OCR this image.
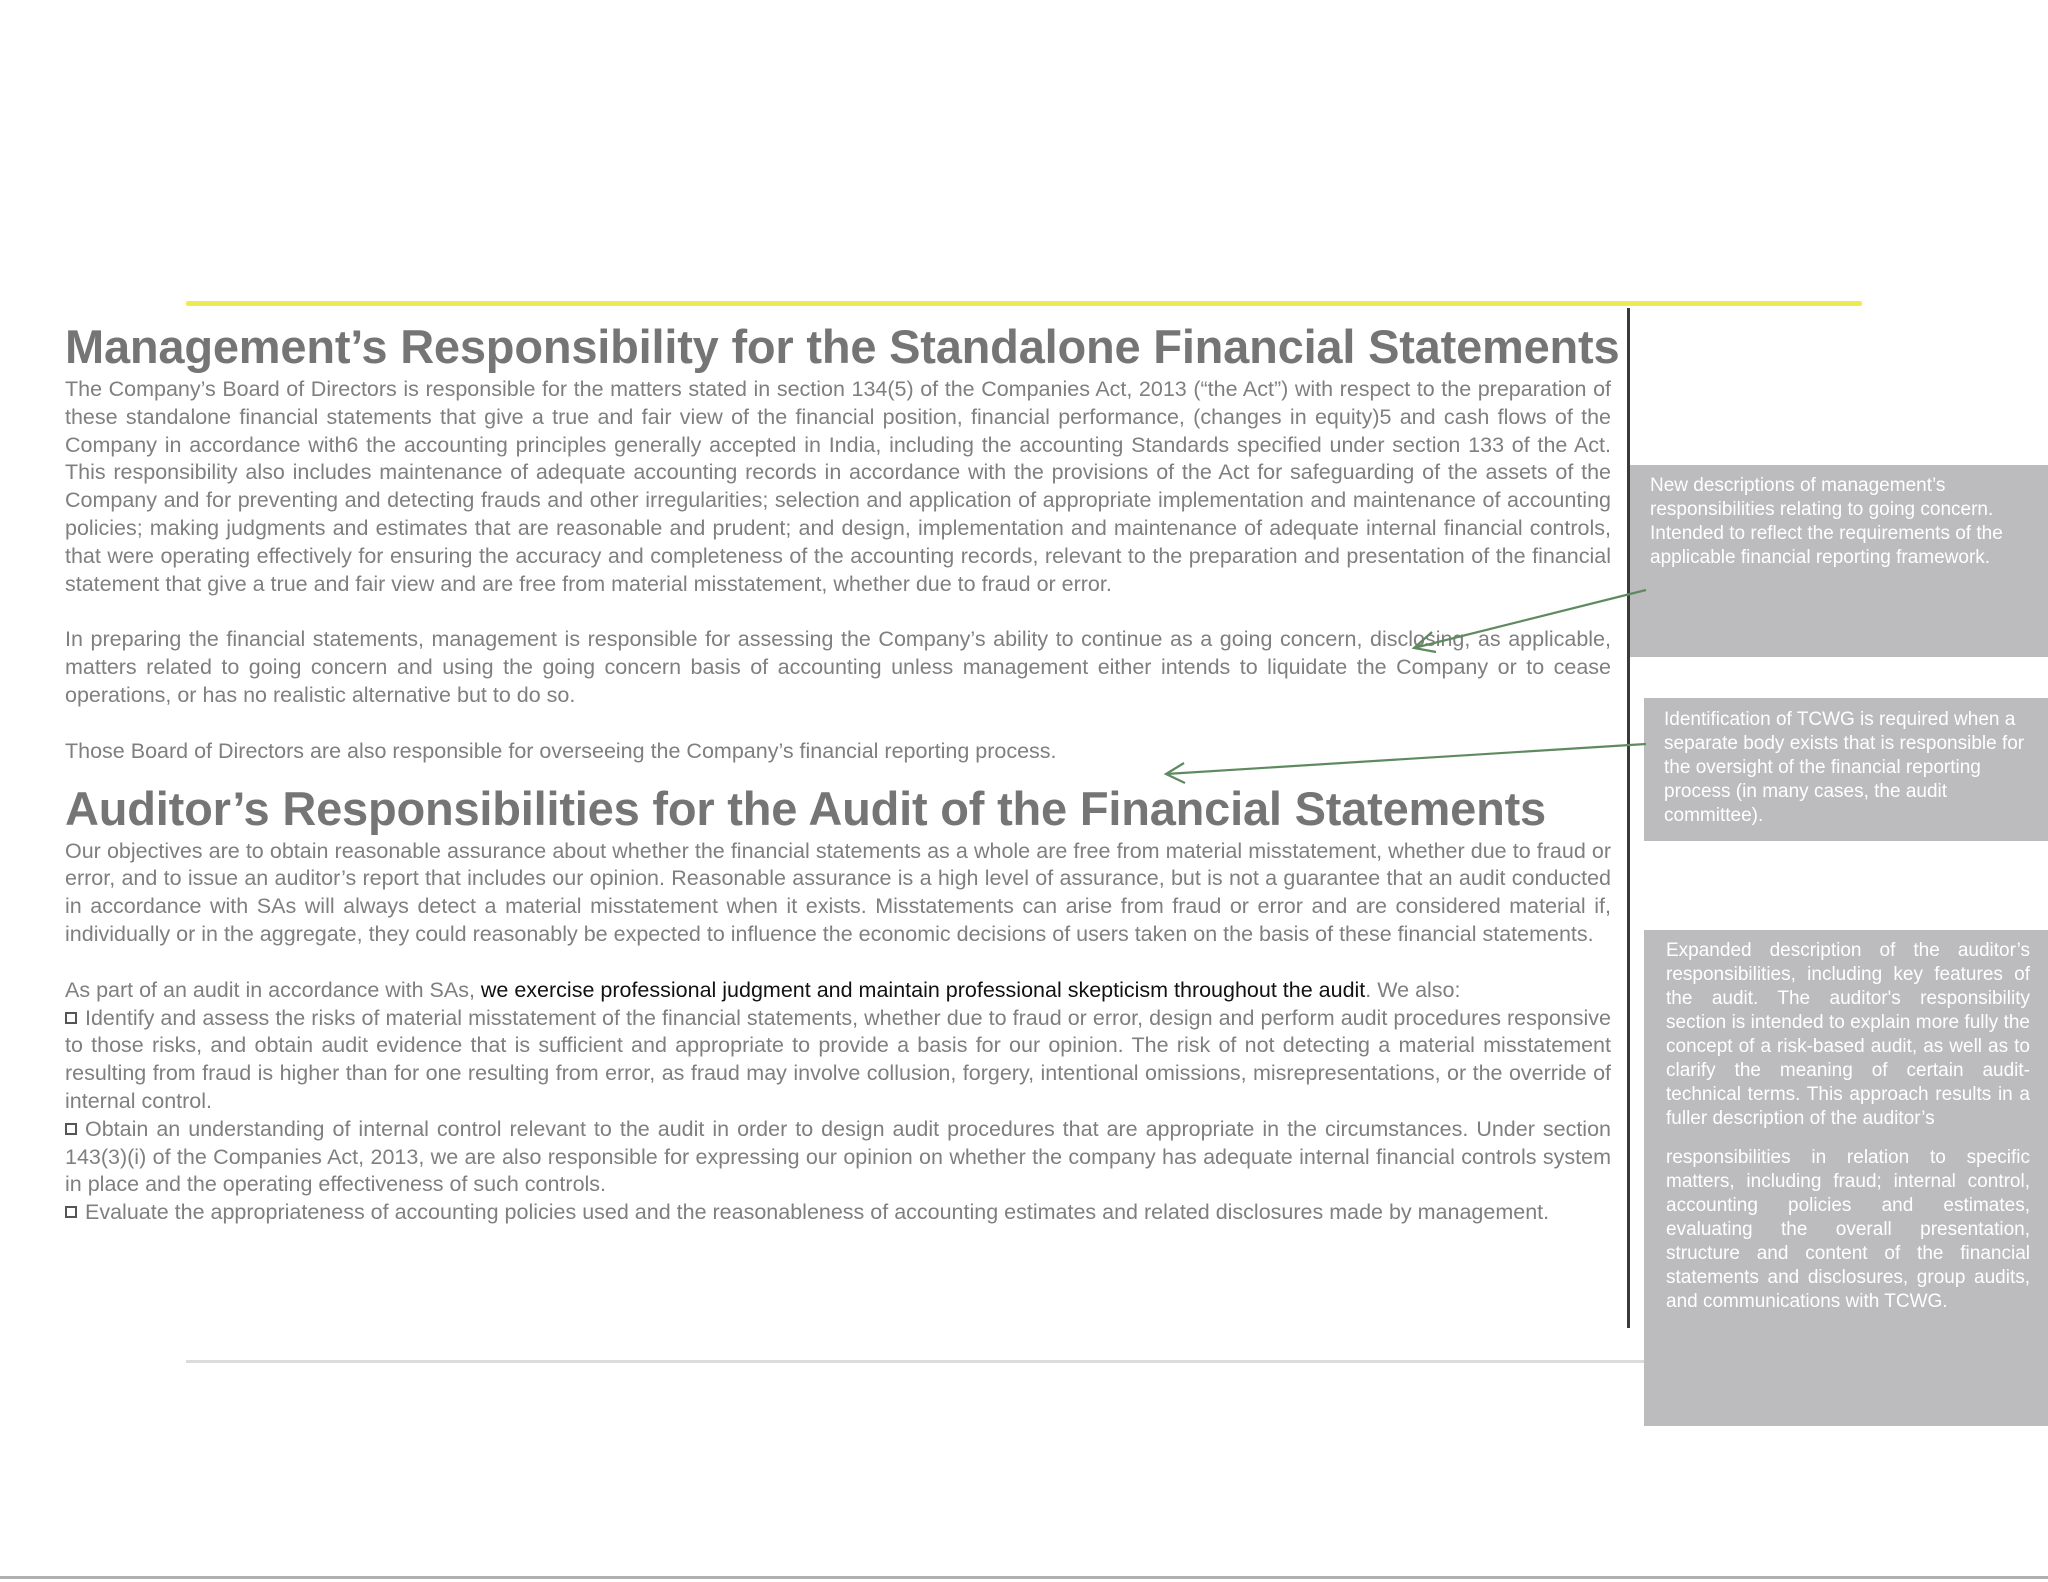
Management’s Responsibility for the Standalone Financial Statements

The Company’s Board of Directors is responsible for the matters stated in section 134(5) of the Companies Act, 2013 (“the Act”) with respect to the preparation of these standalone financial statements that give a true and fair view of the financial position, financial performance, (changes in equity)5 and cash flows of the Company in accordance with6 the accounting principles generally accepted in India, including the accounting Standards specified under section 133 of the Act. This responsibility also includes maintenance of adequate accounting records in accordance with the provisions of the Act for safeguarding of the assets of the Company and for preventing and detecting frauds and other irregularities; selection and application of appropriate implementation and maintenance of accounting policies; making judgments and estimates that are reasonable and prudent; and design, implementation and maintenance of adequate internal financial controls, that were operating effectively for ensuring the accuracy and completeness of the accounting records, relevant to the preparation and presentation of the financial statement that give a true and fair view and are free from material misstatement, whether due to fraud or error.

In preparing the financial statements, management is responsible for assessing the Company’s ability to continue as a going concern, disclosing, as applicable, matters related to going concern and using the going concern basis of accounting unless management either intends to liquidate the Company or to cease operations, or has no realistic alternative but to do so.

Those Board of Directors are also responsible for overseeing the Company’s financial reporting process.

Auditor’s Responsibilities for the Audit of the Financial Statements

Our objectives are to obtain reasonable assurance about whether the financial statements as a whole are free from material misstatement, whether due to fraud or error, and to issue an auditor’s report that includes our opinion. Reasonable assurance is a high level of assurance, but is not a guarantee that an audit conducted in accordance with SAs will always detect a material misstatement when it exists. Misstatements can arise from fraud or error and are considered material if, individually or in the aggregate, they could reasonably be expected to influence the economic decisions of users taken on the basis of these financial statements.

As part of an audit in accordance with SAs, we exercise professional judgment and maintain professional skepticism throughout the audit. We also:

Identify and assess the risks of material misstatement of the financial statements, whether due to fraud or error, design and perform audit procedures responsive to those risks, and obtain audit evidence that is sufficient and appropriate to provide a basis for our opinion. The risk of not detecting a material misstatement resulting from fraud is higher than for one resulting from error, as fraud may involve collusion, forgery, intentional omissions, misrepresentations, or the override of internal control.

Obtain an understanding of internal control relevant to the audit in order to design audit procedures that are appropriate in the circumstances. Under section 143(3)(i) of the Companies Act, 2013, we are also responsible for expressing our opinion on whether the company has adequate internal financial controls system in place and the operating effectiveness of such controls.

Evaluate the appropriateness of accounting policies used and the reasonableness of accounting estimates and related disclosures made by management.

New descriptions of management’s responsibilities relating to going concern. Intended to reflect the requirements of the applicable financial reporting framework.

Identification of TCWG is required when a separate body exists that is responsible for the oversight of the financial reporting process (in many cases, the audit committee).

Expanded description of the auditor’s responsibilities, including key features of the audit. The auditor's responsibility section is intended to explain more fully the concept of a risk-based audit, as well as to clarify the meaning of certain audit-technical terms. This approach results in a fuller description of the auditor’s

responsibilities in relation to specific matters, including fraud; internal control, accounting policies and estimates, evaluating the overall presentation, structure and content of the financial statements and disclosures, group audits, and communications with TCWG.
